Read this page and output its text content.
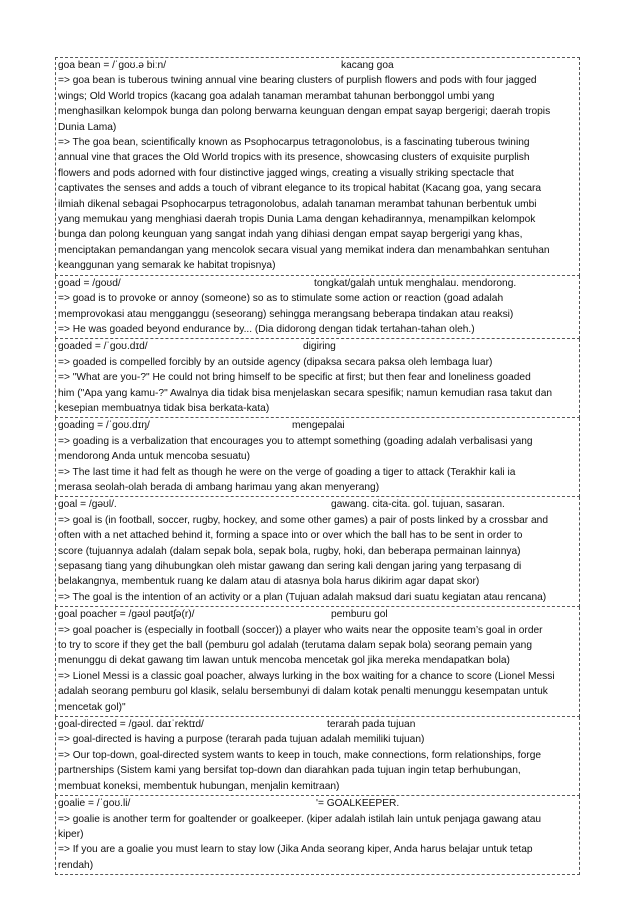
goa bean = /ˈɡoʊ.ə biːn/	kacang goa
=> goa bean is tuberous twining annual vine bearing clusters of purplish flowers and pods with four jagged
wings; Old World tropics (kacang goa adalah tanaman merambat tahunan berbonggol umbi yang
menghasilkan kelompok bunga dan polong berwarna keunguan dengan empat sayap bergerigi; daerah tropis
Dunia Lama)
=> The goa bean, scientifically known as Psophocarpus tetragonolobus, is a fascinating tuberous twining
annual vine that graces the Old World tropics with its presence, showcasing clusters of exquisite purplish
flowers and pods adorned with four distinctive jagged wings, creating a visually striking spectacle that
captivates the senses and adds a touch of vibrant elegance to its tropical habitat (Kacang goa, yang secara
ilmiah dikenal sebagai Psophocarpus tetragonolobus, adalah tanaman merambat tahunan berbentuk umbi
yang memukau yang menghiasi daerah tropis Dunia Lama dengan kehadirannya, menampilkan kelompok
bunga dan polong keunguan yang sangat indah yang dihiasi dengan empat sayap bergerigi yang khas,
menciptakan pemandangan yang mencolok secara visual yang memikat indera dan menambahkan sentuhan
keanggunan yang semarak ke habitat tropisnya)
goad = /ɡoʊd/	tongkat/galah untuk menghalau. mendorong.
=> goad is to provoke or annoy (someone) so as to stimulate some action or reaction (goad adalah
memprovokasi atau mengganggu (seseorang) sehingga merangsang beberapa tindakan atau reaksi)
=> He was goaded beyond endurance by... (Dia didorong dengan tidak tertahan-tahan oleh.)
goaded = /ˈɡoʊ.dɪd/	digiring
=> goaded is compelled forcibly by an outside agency (dipaksa secara paksa oleh lembaga luar)
=> "What are you-?" He could not bring himself to be specific at first; but then fear and loneliness goaded
him ("Apa yang kamu-?" Awalnya dia tidak bisa menjelaskan secara spesifik; namun kemudian rasa takut dan
kesepian membuatnya tidak bisa berkata-kata)
goading = /ˈɡoʊ.dɪŋ/	mengepalai
=> goading is a verbalization that encourages you to attempt something (goading adalah verbalisasi yang
mendorong Anda untuk mencoba sesuatu)
=> The last time it had felt as though he were on the verge of goading a tiger to attack (Terakhir kali ia
merasa seolah-olah berada di ambang harimau yang akan menyerang)
goal = /ɡəʊl/.	gawang. cita-cita. gol. tujuan, sasaran.
=> goal is (in football, soccer, rugby, hockey, and some other games) a pair of posts linked by a crossbar and
often with a net attached behind it, forming a space into or over which the ball has to be sent in order to
score (tujuannya adalah (dalam sepak bola, sepak bola, rugby, hoki, dan beberapa permainan lainnya)
sepasang tiang yang dihubungkan oleh mistar gawang dan sering kali dengan jaring yang terpasang di
belakangnya, membentuk ruang ke dalam atau di atasnya bola harus dikirim agar dapat skor)
=> The goal is the intention of an activity or a plan (Tujuan adalah maksud dari suatu kegiatan atau rencana)
goal poacher = /ɡəʊl pəʊtʃə(r)/	pemburu gol
=> goal poacher is (especially in football (soccer)) a player who waits near the opposite team’s goal in order
to try to score if they get the ball (pemburu gol adalah (terutama dalam sepak bola) seorang pemain yang
menunggu di dekat gawang tim lawan untuk mencoba mencetak gol jika mereka mendapatkan bola)
=> Lionel Messi is a classic goal poacher, always lurking in the box waiting for a chance to score (Lionel Messi
adalah seorang pemburu gol klasik, selalu bersembunyi di dalam kotak penalti menunggu kesempatan untuk
mencetak gol)"
goal-directed = /ɡəʊl. daɪˈrektɪd/	terarah pada tujuan
=> goal-directed is having a purpose (terarah pada tujuan adalah memiliki tujuan)
=> Our top-down, goal-directed system wants to keep in touch, make connections, form relationships, forge
partnerships (Sistem kami yang bersifat top-down dan diarahkan pada tujuan ingin tetap berhubungan,
membuat koneksi, membentuk hubungan, menjalin kemitraan)
goalie = /ˈɡoʊ.li/	'= GOALKEEPER.
=> goalie is another term for goaltender or goalkeeper. (kiper adalah istilah lain untuk penjaga gawang atau
kiper)
=> If you are a goalie you must learn to stay low (Jika Anda seorang kiper, Anda harus belajar untuk tetap
rendah)
